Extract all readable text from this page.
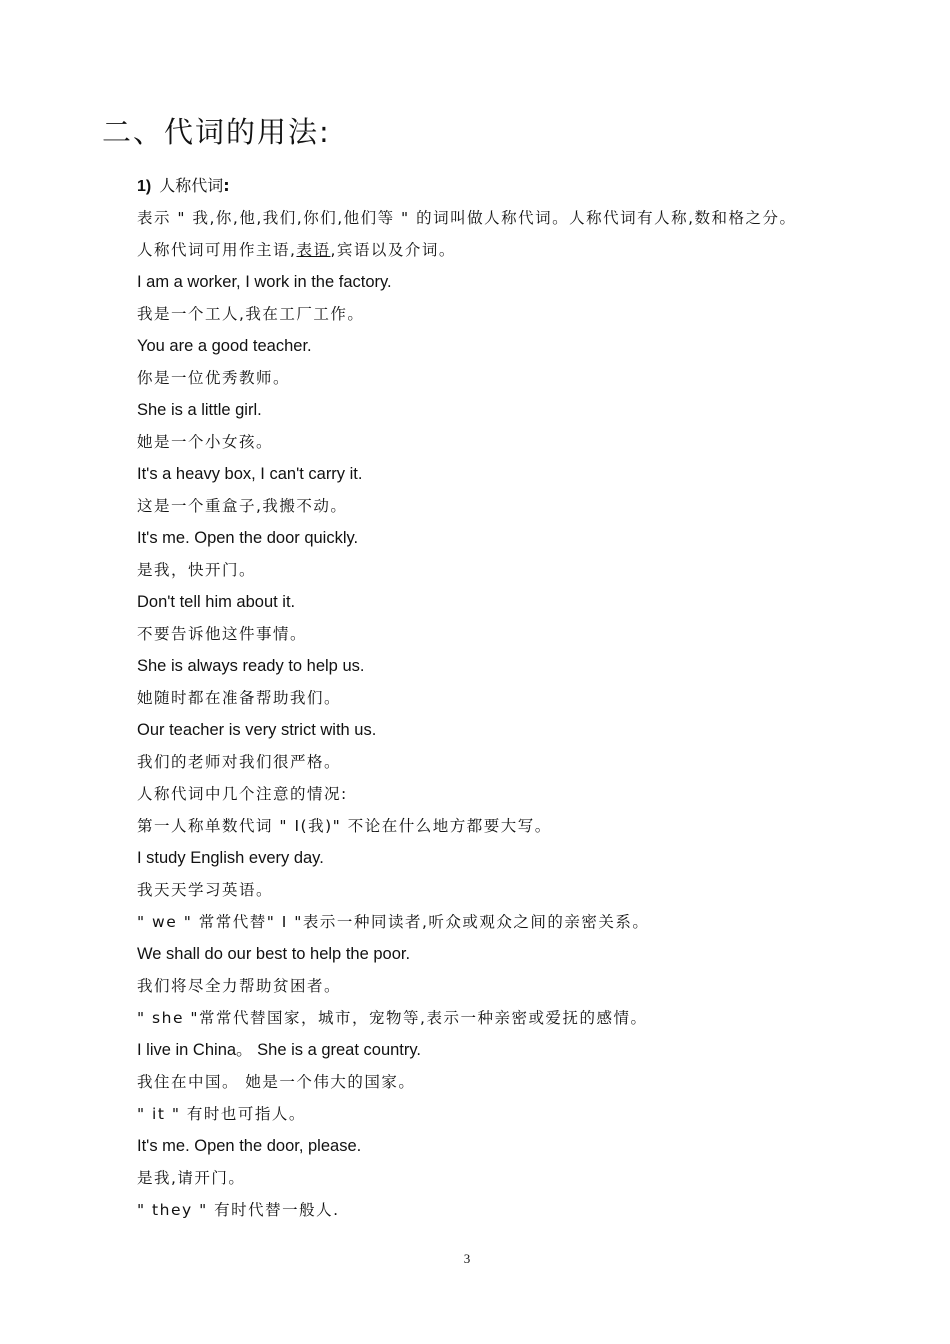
二、代词的用法:
1) 人称代词:
表示 " 我,你,他,我们,你们,他们等 " 的词叫做人称代词。人称代词有人称,数和格之分。
人称代词可用作主语,表语,宾语以及介词。
I am a worker, I work in the factory.
我是一个工人,我在工厂工作。
You are a good teacher.
你是一位优秀教师。
She is a little girl.
她是一个小女孩。
It's a heavy box, I can't carry it.
这是一个重盒子,我搬不动。
It's me. Open the door quickly.
是我，快开门。
Don't tell him about it.
不要告诉他这件事情。
She is always ready to help us.
她随时都在准备帮助我们。
Our teacher is very strict with us.
我们的老师对我们很严格。
人称代词中几个注意的情况:
第一人称单数代词 " I(我)" 不论在什么地方都要大写。
I study English every day.
我天天学习英语。
" we " 常常代替" I "表示一种同读者,听众或观众之间的亲密关系。
We shall do our best to help the poor.
我们将尽全力帮助贫困者。
" she "常常代替国家，城市，宠物等,表示一种亲密或爱抚的感情。
I live in China。 She is a great country.
我住在中国。 她是一个伟大的国家。
" it " 有时也可指人。
It's me. Open the door, please.
是我,请开门。
" they " 有时代替一般人.
3
